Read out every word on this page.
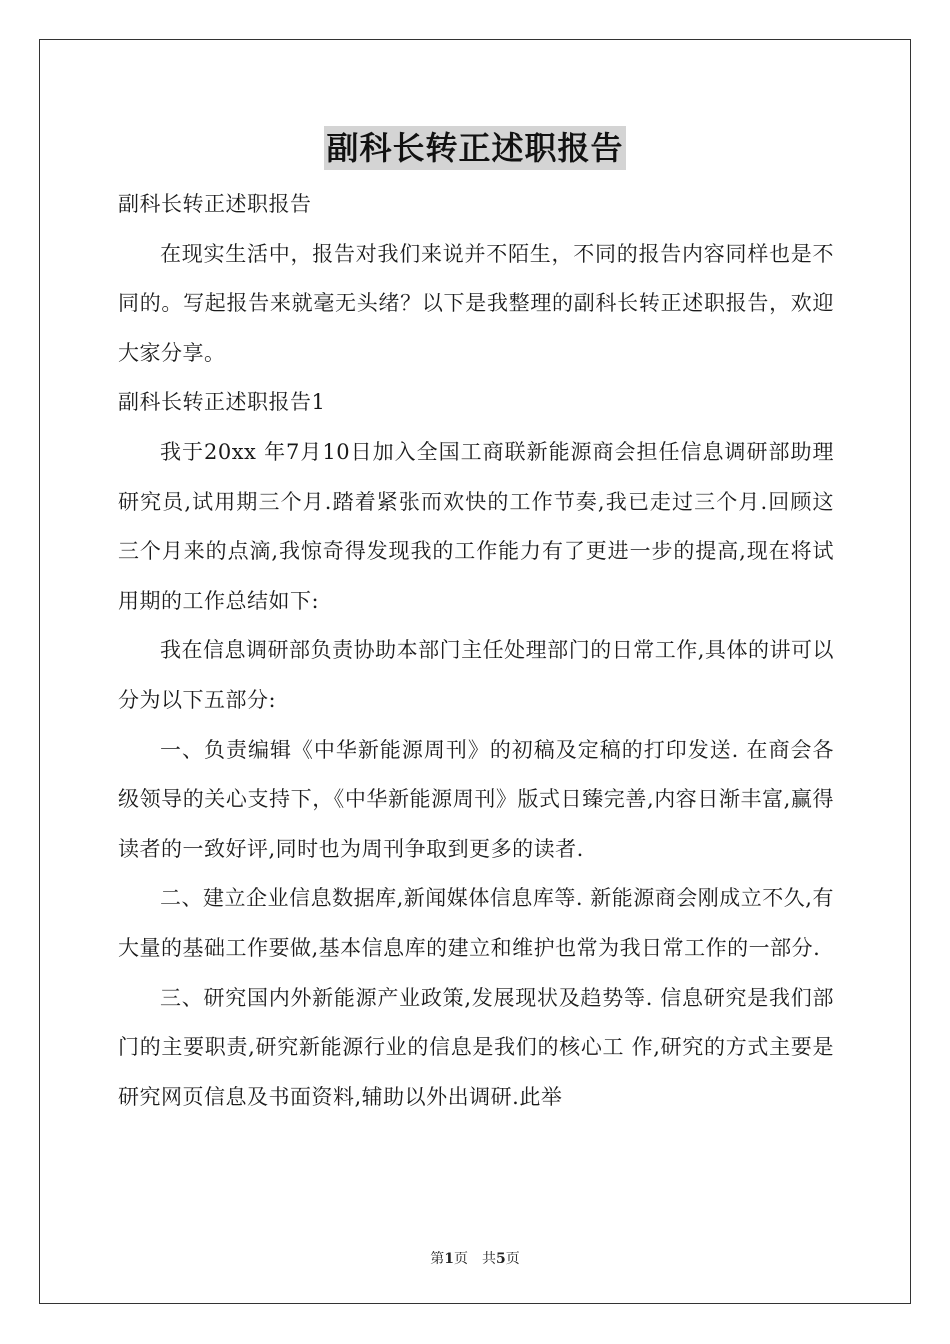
副科长转正述职报告

副科长转正述职报告

在现实生活中，报告对我们来说并不陌生，不同的报告内容同样也是不同的。写起报告来就毫无头绪？以下是我整理的副科长转正述职报告，欢迎大家分享。

副科长转正述职报告1

我于20xx 年7月10日加入全国工商联新能源商会担任信息调研部助理研究员,试用期三个月.踏着紧张而欢快的工作节奏,我已走过三个月.回顾这三个月来的点滴,我惊奇得发现我的工作能力有了更进一步的提高,现在将试用期的工作总结如下:

我在信息调研部负责协助本部门主任处理部门的日常工作,具体的讲可以分为以下五部分:

一、负责编辑《中华新能源周刊》的初稿及定稿的打印发送. 在商会各级领导的关心支持下，《中华新能源周刊》版式日臻完善,内容日渐丰富,赢得读者的一致好评,同时也为周刊争取到更多的读者.

二、建立企业信息数据库,新闻媒体信息库等. 新能源商会刚成立不久,有大量的基础工作要做,基本信息库的建立和维护也常为我日常工作的一部分.

三、研究国内外新能源产业政策,发展现状及趋势等. 信息研究是我们部门的主要职责,研究新能源行业的信息是我们的核心工 作,研究的方式主要是研究网页信息及书面资料,辅助以外出调研.此举

第1页 共5页
